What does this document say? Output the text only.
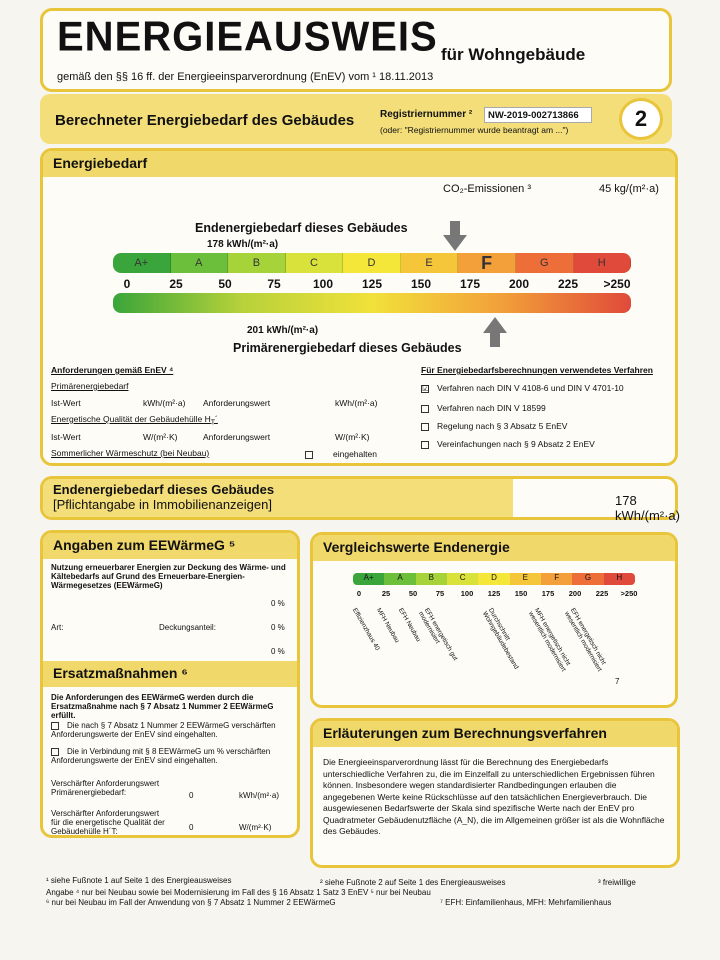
ENERGIEAUSWEIS für Wohngebäude
gemäß den §§ 16 ff. der Energieeinsparverordnung (EnEV) vom ¹ 18.11.2013
Berechneter Energiebedarf des Gebäudes	Registriernummer ²	NW-2019-002713866
(oder: "Registriernummer wurde beantragt am ...")	2
Energiebedarf
CO₂-Emissionen ³	45 kg/(m²·a)
Endenergiebedarf dieses Gebäudes
178 kWh/(m²·a)
A+	A	B	C	D	E	F	G	H
0	25	50	75	100 125 150 175 200 225 >250
201 kWh/(m²·a)
Primärenergiebedarf dieses Gebäudes
Anforderungen gemäß EnEV ⁴
Primärenergiebedarf
Ist-Wert	kWh/(m²·a) Anforderungswert	kWh/(m²·a)
Energetische Qualität der Gebäudehülle $H_T´$
Ist-Wert	W/(m²·K)	Anforderungswert	W/(m²·K)
Sommerlicher Wärmeschutz (bei Neubau)	eingehalten
Für Energiebedarfsberechnungen verwendetes Verfahren
☑ Verfahren nach DIN V 4108-6 und DIN V 4701-10
Verfahren nach DIN V 18599
Regelung nach § 3 Absatz 5 EnEV
Vereinfachungen nach § 9 Absatz 2 EnEV
Endenergiebedarf dieses Gebäudes
[Pflichtangabe in Immobilienanzeigen]	178 kWh/(m²·a)
Angaben zum EEWärmeG ⁵
Nutzung erneuerbarer Energien zur Deckung des Wärme- und Kältebedarfs auf Grund des Erneuerbare-Energien-Wärmegesetzes (EEWärmeG)
0 %
Art:	Deckungsanteil:	0 %
0 %
Ersatzmaßnahmen ⁶
Die Anforderungen des EEWärmeG werden durch die Ersatzmaßnahme nach § 7 Absatz 1 Nummer 2 EEWärmeG erfüllt.
Die nach § 7 Absatz 1 Nummer 2 EEWärmeG verschärften Anforderungswerte der EnEV sind eingehalten.
Die in Verbindung mit § 8 EEWärmeG um % verschärften Anforderungswerte der EnEV sind eingehalten.
Verschärfter Anforderungswert Primärenergiebedarf:	0	kWh/(m²·a)
Verschärfter Anforderungswert für die energetische Qualität der Gebäudehülle H´T:	0	W/(m²·K)
Vergleichswerte Endenergie
A+	A	B	C	D	E	F	G	H
0	25 50 75 100 125 150 175 200 225 >250
Effizienzhaus 40
MFH Neubau
EFH Neubau EFH energetisch gut modernisiert	Durchschnitt Wohngebäudebestand	MFH energetisch nicht wesentlich modernisiert EFH energetisch nicht wesentlich modernisiert
7
Erläuterungen zum Berechnungsverfahren
Die Energieeinsparverordnung lässt für die Berechnung des Energiebedarfs unterschiedliche Verfahren zu, die im Einzelfall zu unterschiedlichen Ergebnissen führen können. Insbesondere wegen standardisierter Randbedingungen erlauben die angegebenen Werte keine Rückschlüsse auf den tatsächlichen Energieverbrauch. Die ausgewiesenen Bedarfswerte der Skala sind spezifische Werte nach der EnEV pro Quadratmeter Gebäudenutzfläche (A_N), die im Allgemeinen größer ist als die Wohnfläche des Gebäudes.
¹ siehe Fußnote 1 auf Seite 1 des Energieausweises	² siehe Fußnote 2 auf Seite 1 des Energieausweises	³ freiwillige
Angabe ⁴ nur bei Neubau sowie bei Modernisierung im Fall des § 16 Absatz 1 Satz 3 EnEV ⁵ nur bei Neubau
⁶ nur bei Neubau im Fall der Anwendung von § 7 Absatz 1 Nummer 2 EEWärmeG	⁷ EFH: Einfamilienhaus, MFH: Mehrfamilienhaus
